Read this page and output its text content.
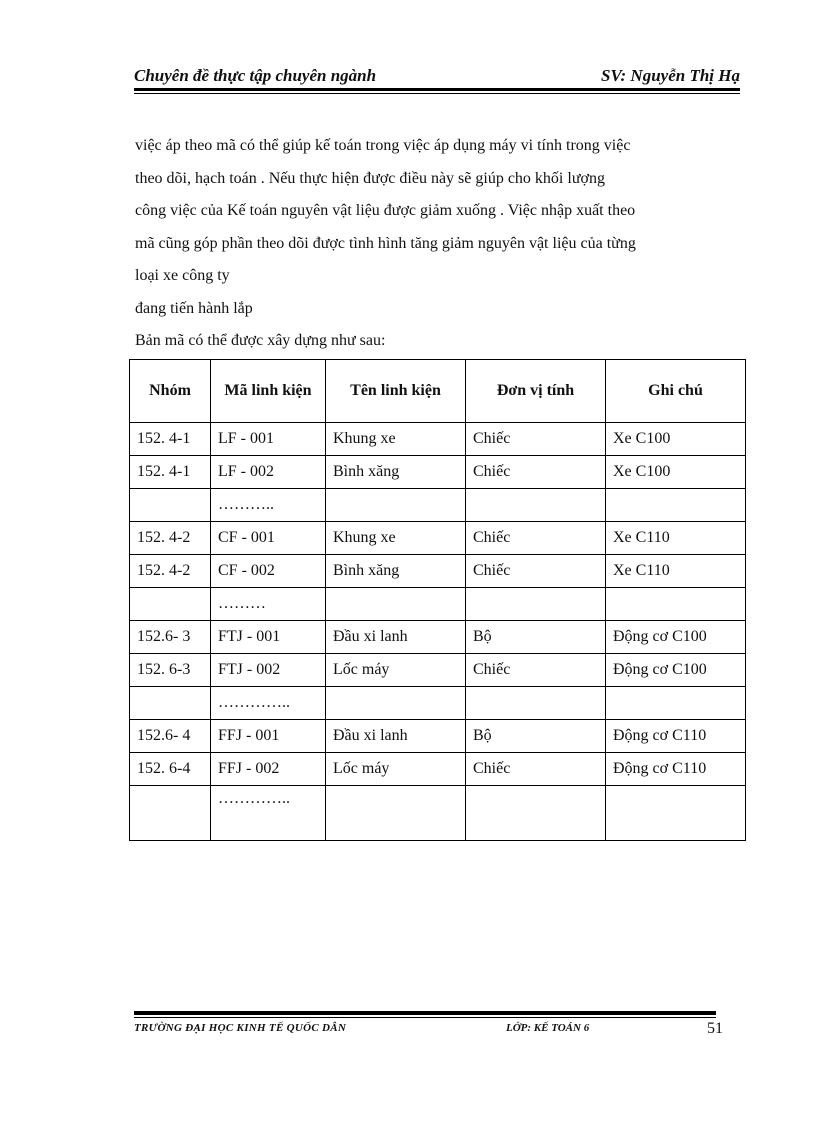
Chuyên đề thực tập chuyên ngành	SV: Nguyễn Thị Hạ
việc áp theo mã có thể giúp kế toán trong việc áp dụng máy vi tính trong việc
theo dõi, hạch toán . Nếu thực hiện được điều này sẽ giúp cho khối lượng
công việc của Kế toán nguyên vật liệu được giảm xuống . Việc nhập xuất theo
mã cũng góp phần theo dõi được tình hình tăng giảm nguyên vật liệu của từng
loại xe công ty
đang tiến hành lắp
Bản mã có thể được xây dựng như sau:
Nhóm	Mã linh kiện	Tên linh kiện	Đơn vị tính	Ghi chú
152. 4-1	LF - 001	Khung xe	Chiếc	Xe C100
152. 4-1	LF - 002	Bình xăng	Chiếc	Xe C100
	………..			
152. 4-2	CF - 001	Khung xe	Chiếc	Xe C110
152. 4-2	CF - 002	Bình xăng	Chiếc	Xe C110
	………			
152.6- 3	FTJ - 001	Đầu xi lanh	Bộ	Động cơ C100
152. 6-3	FTJ - 002	Lốc máy	Chiếc	Động cơ C100
	…………..			
152.6- 4	FFJ - 001	Đầu xi lanh	Bộ	Động cơ C110
152. 6-4	FFJ - 002	Lốc máy	Chiếc	Động cơ C110
	…………..			
TRƯỜNG ĐẠI HỌC KINH TẾ QUỐC DÂN	LỚP: KẾ TOÁN 6	51
